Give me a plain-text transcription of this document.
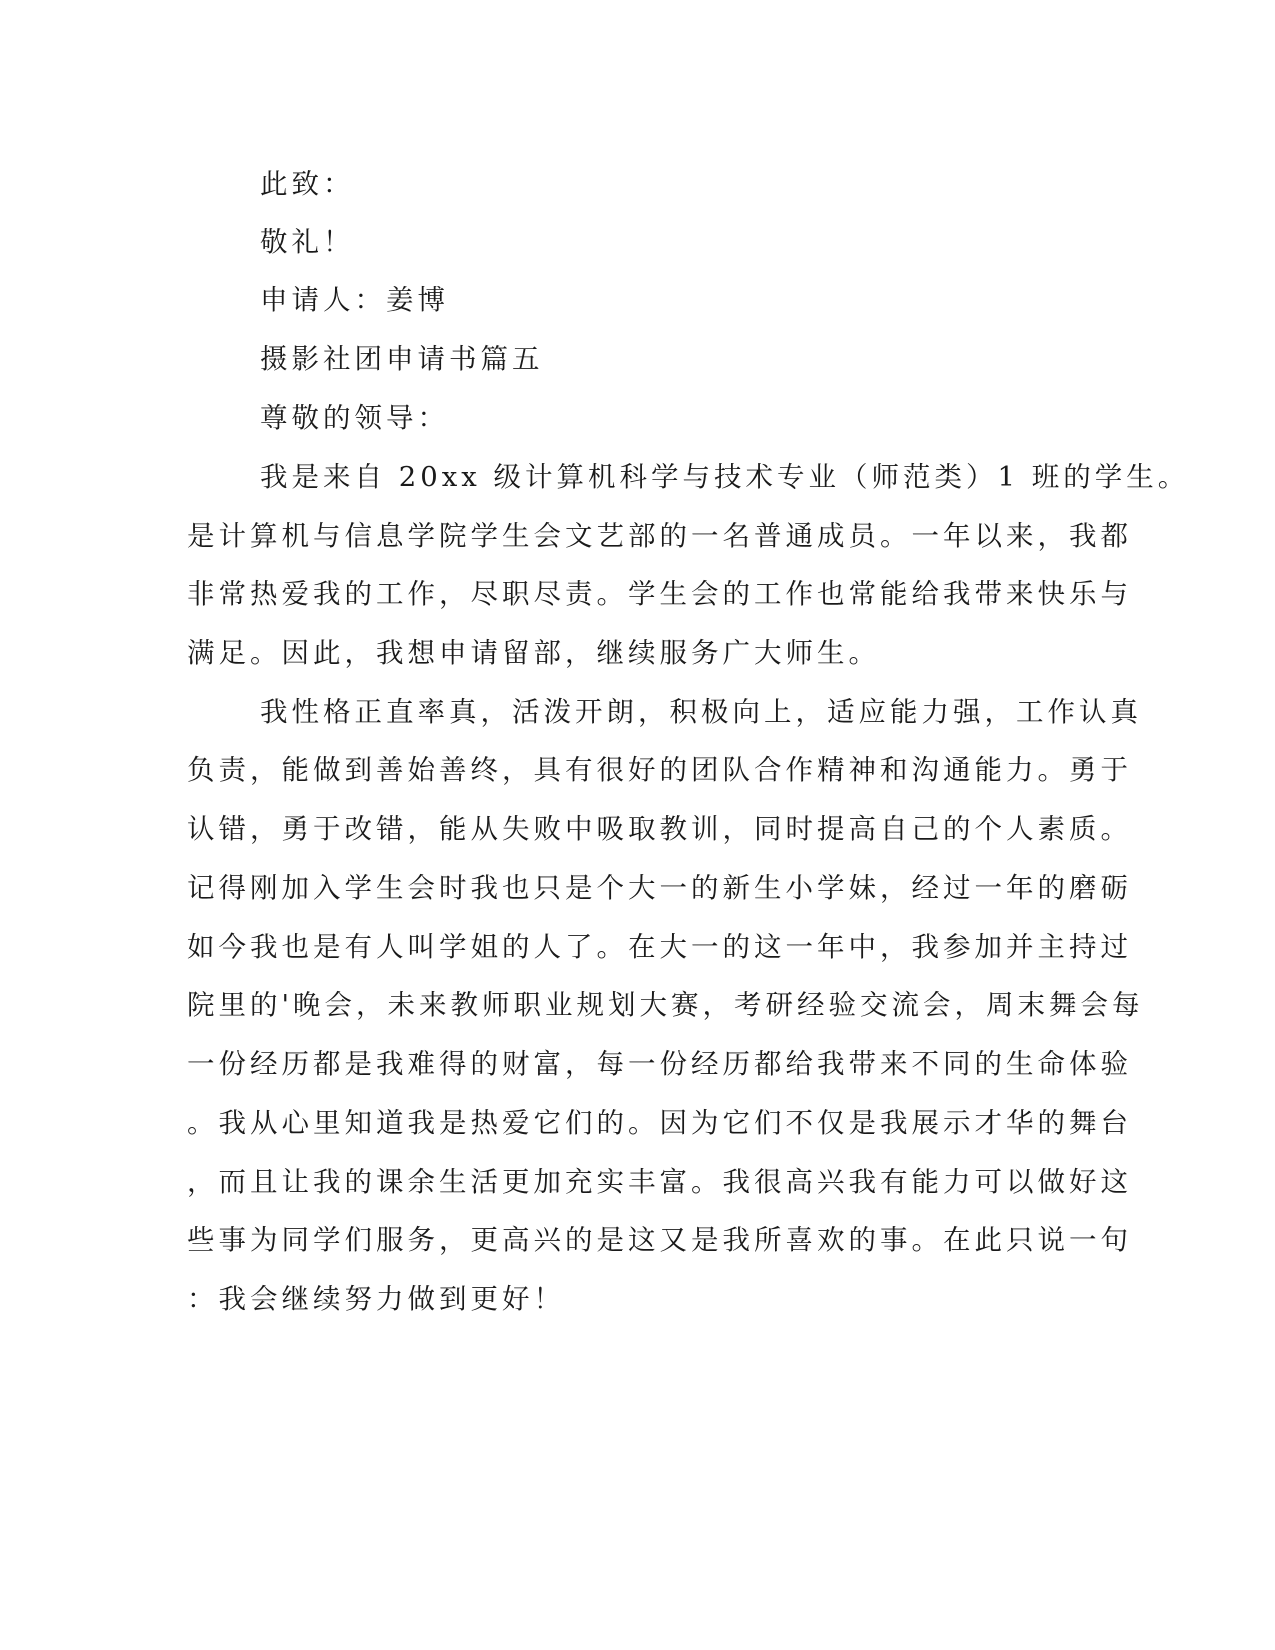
此致：

敬礼！

申请人：姜博

摄影社团申请书篇五

尊敬的领导：

我是来自 20xx 级计算机科学与技术专业（师范类）1 班的学生。

是计算机与信息学院学生会文艺部的一名普通成员。一年以来，我都

非常热爱我的工作，尽职尽责。学生会的工作也常能给我带来快乐与

满足。因此，我想申请留部，继续服务广大师生。

我性格正直率真，活泼开朗，积极向上，适应能力强，工作认真

负责，能做到善始善终，具有很好的团队合作精神和沟通能力。勇于

认错，勇于改错，能从失败中吸取教训，同时提高自己的个人素质。

记得刚加入学生会时我也只是个大一的新生小学妹，经过一年的磨砺

如今我也是有人叫学姐的人了。在大一的这一年中，我参加并主持过

院里的'晚会，未来教师职业规划大赛，考研经验交流会，周末舞会每

一份经历都是我难得的财富，每一份经历都给我带来不同的生命体验

。我从心里知道我是热爱它们的。因为它们不仅是我展示才华的舞台

，而且让我的课余生活更加充实丰富。我很高兴我有能力可以做好这

些事为同学们服务，更高兴的是这又是我所喜欢的事。在此只说一句

：我会继续努力做到更好！
